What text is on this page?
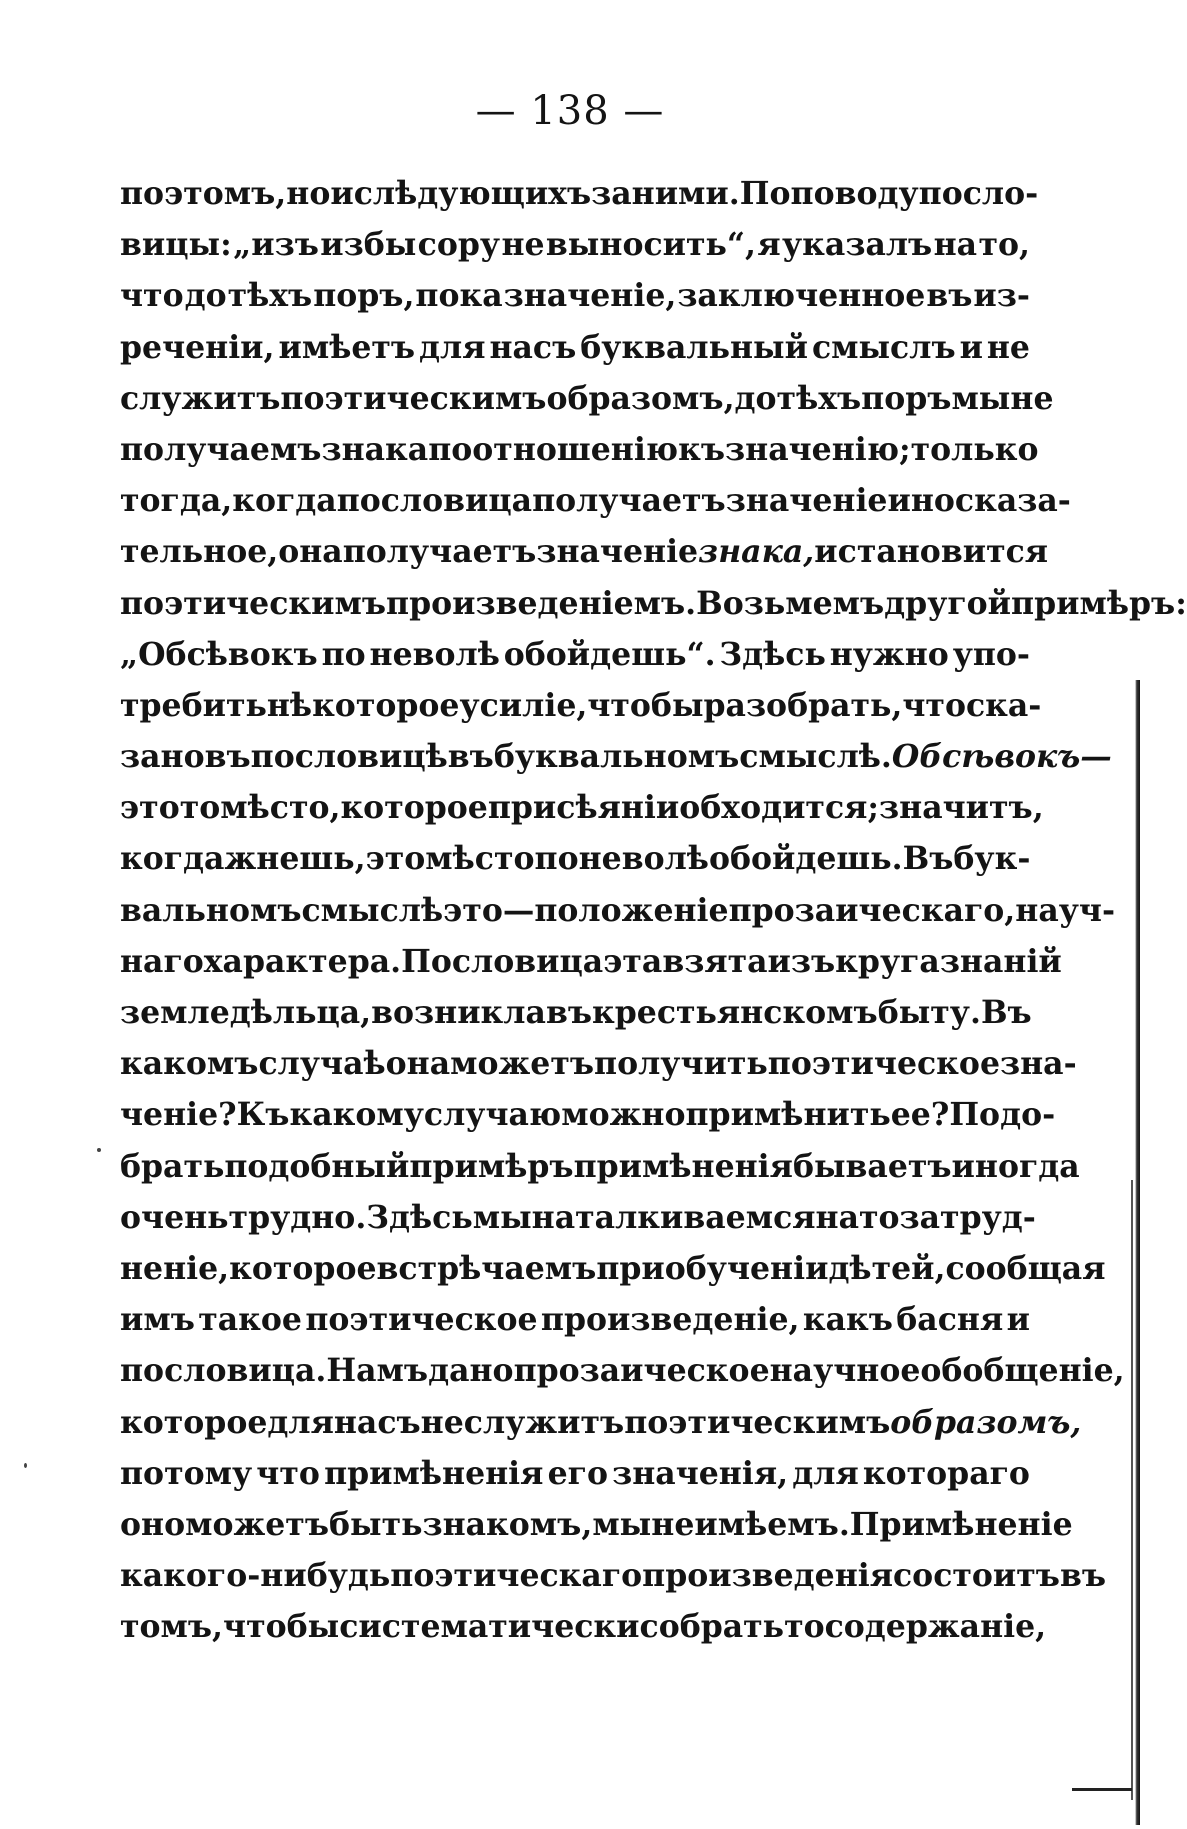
— 138 —
поэтомъ, но и слѣдующихъ за ними. По поводу посло-
вицы: „изъ избы сору не выносить“, я указалъ на то,
что до тѣхъ поръ, пока значеніе, заключенное въ из-
реченіи, имѣетъ для насъ буквальный смыслъ и не
служитъ поэтическимъ образомъ, до тѣхъ поръ мы не
получаемъ знака по отношенію къ значенію; только
тогда, когда пословица получаетъ значеніе иносказа-
тельное, она получаетъ значеніе знака, и становится
поэтическимъ произведеніемъ. Возьмемъ другой примѣръ:
„Обсѣвокъ по неволѣ обойдешь“. Здѣсь нужно упо-
требить нѣкоторое усиліе, чтобы разобрать, что ска-
зано въ пословицѣ въ буквальномъ смыслѣ. Обсѣвокъ—
это то мѣсто, которое при сѣяніи обходится; значитъ,
когда жнешь, это мѣсто поневолѣ обойдешь. Въ бук-
вальномъ смыслѣ это—положеніе прозаическаго, науч-
наго характера. Пословица эта взята изъ круга знаній
земледѣльца, возникла въ крестьянскомъ быту. Въ
какомъ случаѣ она можетъ получить поэтическое зна-
ченіе? Къ какому случаю можно примѣнить ее? Подо-
брать подобный примѣръ примѣненія бываетъ иногда
очень трудно. Здѣсь мы наталкиваемся на то затруд-
неніе, которое встрѣчаемъ при обученіи дѣтей, сообщая
имъ такое поэтическое произведеніе, какъ басня и
пословица. Намъ дано прозаическое научное обобщеніе,
которое для насъ не служитъ поэтическимъ образомъ,
потому что примѣненія его значенія, для котораго
оно можетъ быть знакомъ, мы не имѣемъ. Примѣненіе
какого-нибудь поэтическаго произведенія состоитъ въ
томъ, чтобы систематически собрать то содержаніе,
